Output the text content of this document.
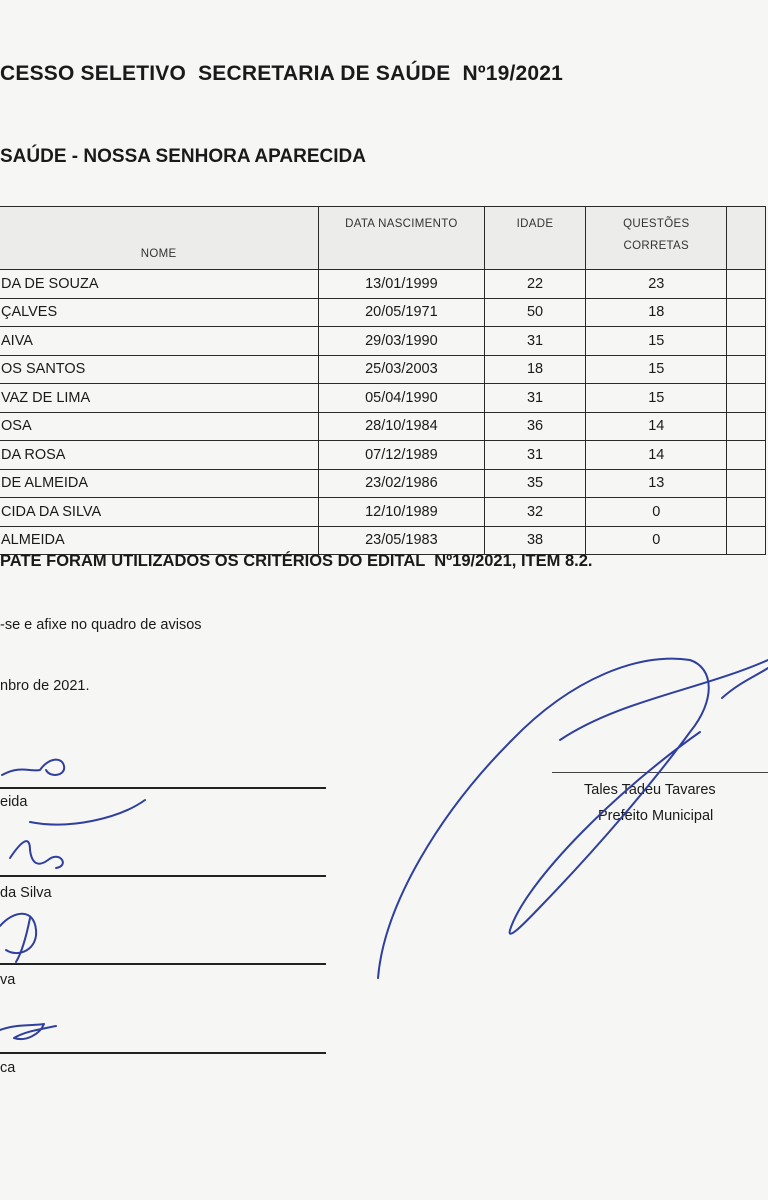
CESSO SELETIVO  SECRETARIA DE SAÚDE  Nº19/2021
SAÚDE - NOSSA SENHORA APARECIDA
NOME	DATA NASCIMENTO	IDADE	QUESTÕES
CORRETAS	
DA DE SOUZA	13/01/1999	22	23	
ÇALVES	20/05/1971	50	18	
AIVA	29/03/1990	31	15	
OS SANTOS	25/03/2003	18	15	
VAZ DE LIMA	05/04/1990	31	15	
OSA	28/10/1984	36	14	
DA ROSA	07/12/1989	31	14	
DE ALMEIDA	23/02/1986	35	13	
CIDA DA SILVA	12/10/1989	32	0	
ALMEIDA	23/05/1983	38	0	

PATE FORAM UTILIZADOS OS CRITÉRIOS DO EDITAL  Nº19/2021, ITEM 8.2.

-se e afixe no quadro de avisos

nbro de 2021.

eida

da Silva

va

ca

Tales Tadeu Tavares

Prefeito Municipal
